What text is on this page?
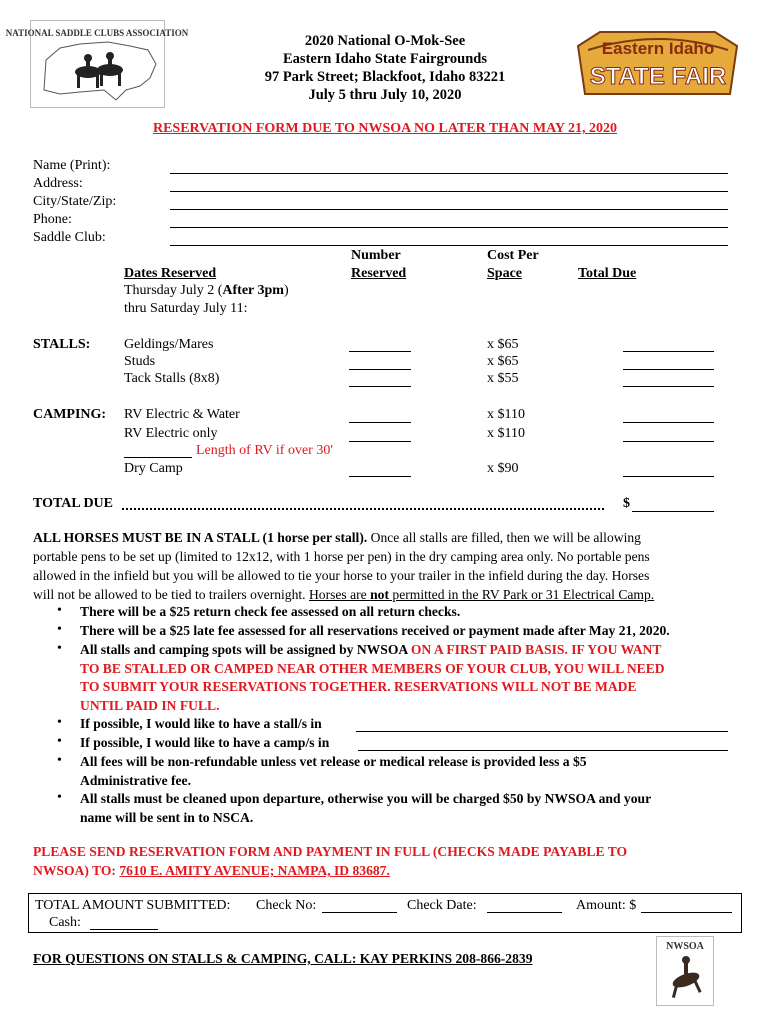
NATIONAL SADDLE CLUBS ASSOCIATION
Eastern Idaho
STATE FAIR
2020 National O-Mok-See
Eastern Idaho State Fairgrounds
97 Park Street; Blackfoot, Idaho 83221
July 5 thru July 10, 2020
RESERVATION FORM DUE TO NWSOA NO LATER THAN MAY 21, 2020
Name (Print):
Address:
City/State/Zip:
Phone:
Saddle Club:
Number
Reserved
Cost Per
Space	Total Due
Dates Reserved
Thursday July 2 (After 3pm)
thru Saturday July 11:
STALLS: Geldings/Mares	x $65
Studs	x $65
Tack Stalls (8x8)	x $55
CAMPING: RV Electric & Water	x $110
RV Electric only	x $110
Length of RV if over 30'
Dry Camp	x $90
TOTAL DUE	$
ALL HORSES MUST BE IN A STALL (1 horse per stall). Once all stalls are filled, then we will be allowing
portable pens to be set up (limited to 12x12, with 1 horse per pen) in the dry camping area only. No portable pens
allowed in the infield but you will be allowed to tie your horse to your trailer in the infield during the day. Horses
will not be allowed to be tied to trailers overnight. Horses are not permitted in the RV Park or 31 Electrical Camp.
• There will be a $25 return check fee assessed on all return checks.
• There will be a $25 late fee assessed for all reservations received or payment made after May 21, 2020.
• All stalls and camping spots will be assigned by NWSOA ON A FIRST PAID BASIS. IF YOU WANT
TO BE STALLED OR CAMPED NEAR OTHER MEMBERS OF YOUR CLUB, YOU WILL NEED
TO SUBMIT YOUR RESERVATIONS TOGETHER. RESERVATIONS WILL NOT BE MADE
UNTIL PAID IN FULL.
• If possible, I would like to have a stall/s in
• If possible, I would like to have a camp/s in
• All fees will be non-refundable unless vet release or medical release is provided less a $5
Administrative fee.
• All stalls must be cleaned upon departure, otherwise you will be charged $50 by NWSOA and your
name will be sent in to NSCA.
PLEASE SEND RESERVATION FORM AND PAYMENT IN FULL (CHECKS MADE PAYABLE TO
NWSOA) TO: 7610 E. AMITY AVENUE; NAMPA, ID 83687.
TOTAL AMOUNT SUBMITTED: Check No:	Check Date:	Amount: $
Cash:
FOR QUESTIONS ON STALLS & CAMPING, CALL: KAY PERKINS 208-866-2839
NWSOA
